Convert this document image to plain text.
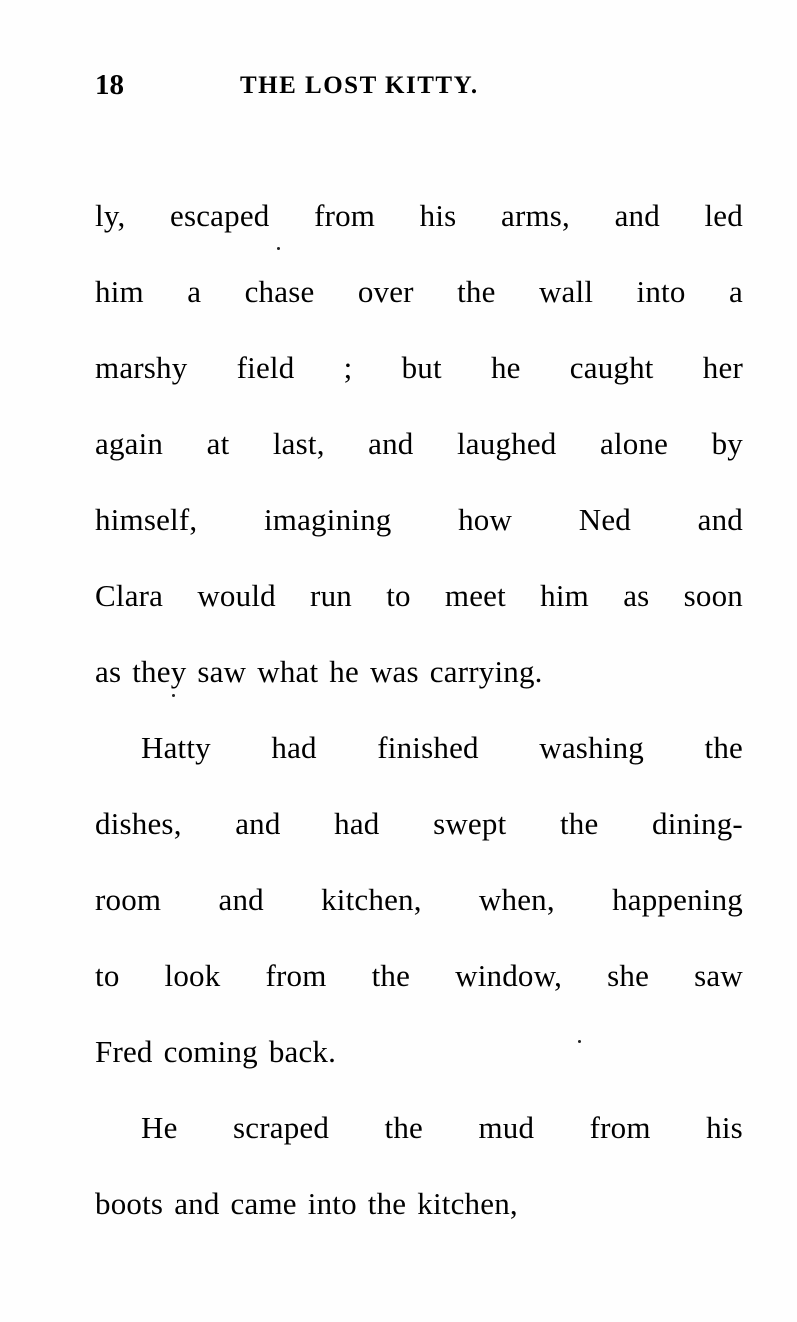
18	THE LOST KITTY.
ly, escaped from his arms, and led
him a chase over the wall into a
marshy field ; but he caught her
again at last, and laughed alone by
himself, imagining how Ned and
Clara would run to meet him as soon
as they saw what he was carrying.
Hatty had finished washing the
dishes, and had swept the dining-
room and kitchen, when, happening
to look from the window, she saw
Fred coming back.
He scraped the mud from his
boots and came into the kitchen,
